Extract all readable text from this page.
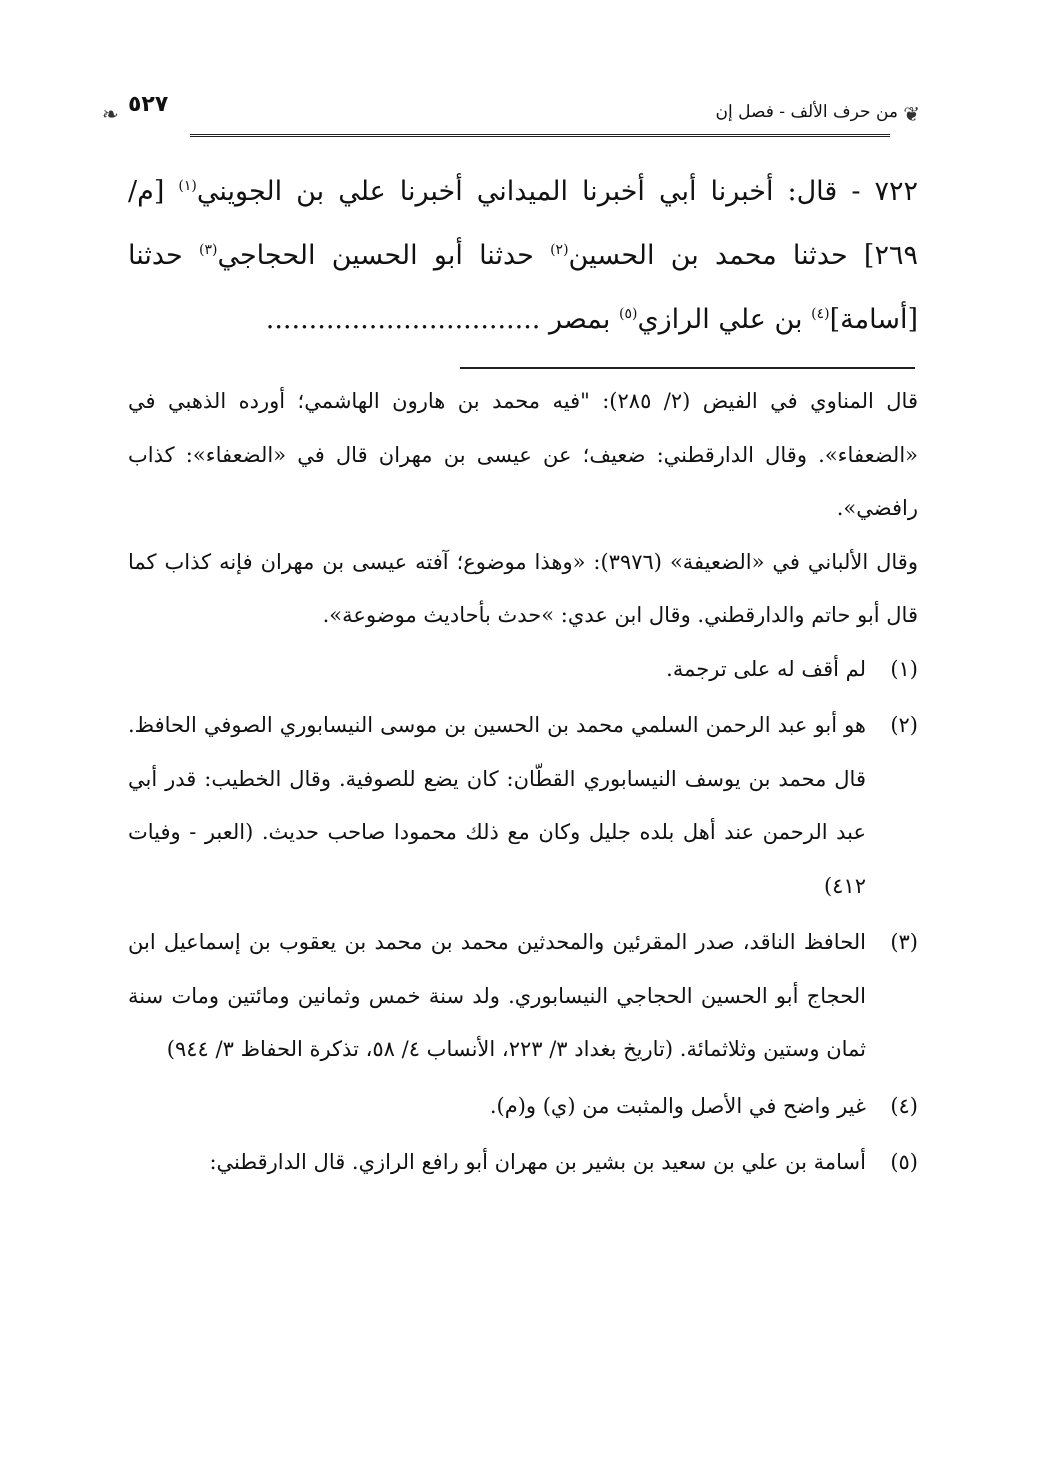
❦
من حرف الألف - فصل إن
❧ ٥٢٧

٧٢٢ - قال: أخبرنا أبي أخبرنا الميداني أخبرنا علي بن الجويني$^{(١)}$ [م/ ٢٦٩] حدثنا محمد بن الحسين$^{(٢)}$ حدثنا أبو الحسين الحجاجي$^{(٣)}$ حدثنا [أسامة]$^{(٤)}$ بن علي الرازي$^{(٥)}$ بمصر ................................

قال المناوي في الفيض (٢/ ٢٨٥): "فيه محمد بن هارون الهاشمي؛ أورده الذهبي في «الضعفاء». وقال الدارقطني: ضعيف؛ عن عيسى بن مهران قال في «الضعفاء»: كذاب رافضي».

وقال الألباني في «الضعيفة» (٣٩٧٦): «وهذا موضوع؛ آفته عيسى بن مهران فإنه كذاب كما قال أبو حاتم والدارقطني. وقال ابن عدي: »حدث بأحاديث موضوعة».

(١)
لم أقف له على ترجمة.
(٢)
هو أبو عبد الرحمن السلمي محمد بن الحسين بن موسى النيسابوري الصوفي الحافظ. قال محمد بن يوسف النيسابوري القطّان: كان يضع للصوفية. وقال الخطيب: قدر أبي عبد الرحمن عند أهل بلده جليل وكان مع ذلك محمودا صاحب حديث. (العبر - وفيات ٤١٢)
(٣)
الحافظ الناقد، صدر المقرئين والمحدثين محمد بن محمد بن يعقوب بن إسماعيل ابن الحجاج أبو الحسين الحجاجي النيسابوري. ولد سنة خمس وثمانين ومائتين ومات سنة ثمان وستين وثلاثمائة. (تاريخ بغداد ٣/ ٢٢٣، الأنساب ٤/ ٥٨، تذكرة الحفاظ ٣/ ٩٤٤)
(٤)
غير واضح في الأصل والمثبت من (ي) و(م).
(٥)
أسامة بن علي بن سعيد بن بشير بن مهران أبو رافع الرازي. قال الدارقطني:
